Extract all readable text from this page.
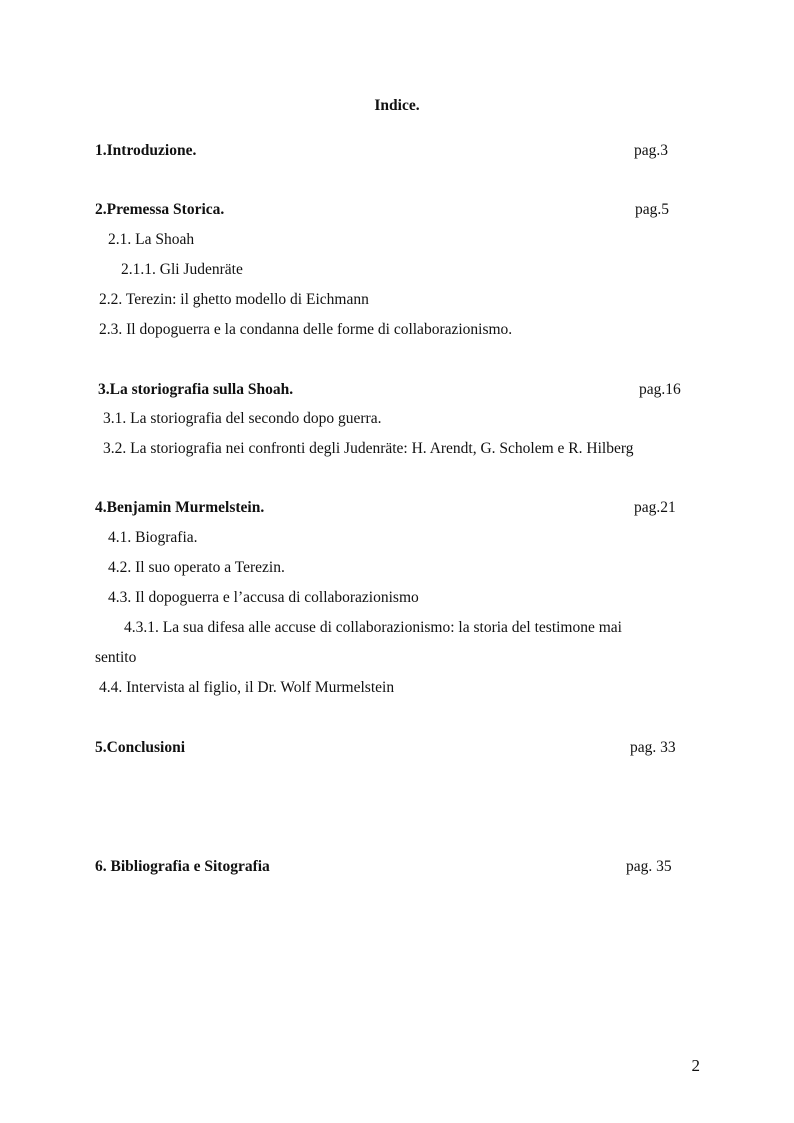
Indice.
1.Introduzione.	pag.3
2.Premessa Storica.	pag.5
2.1. La Shoah
2.1.1. Gli Judenräte
2.2. Terezin: il ghetto modello di Eichmann
2.3. Il dopoguerra e la condanna delle forme di collaborazionismo.
3.La storiografia sulla Shoah.	pag.16
3.1. La storiografia del secondo dopo guerra.
3.2. La storiografia nei confronti degli Judenräte: H. Arendt, G. Scholem e R. Hilberg
4.Benjamin Murmelstein.	pag.21
4.1. Biografia.
4.2. Il suo operato a Terezin.
4.3. Il dopoguerra e l’accusa di collaborazionismo
4.3.1. La sua difesa alle accuse di collaborazionismo: la storia del testimone mai
sentito
4.4. Intervista al figlio, il Dr. Wolf Murmelstein
5.Conclusioni	pag. 33
6. Bibliografia e Sitografia	pag. 35
2
